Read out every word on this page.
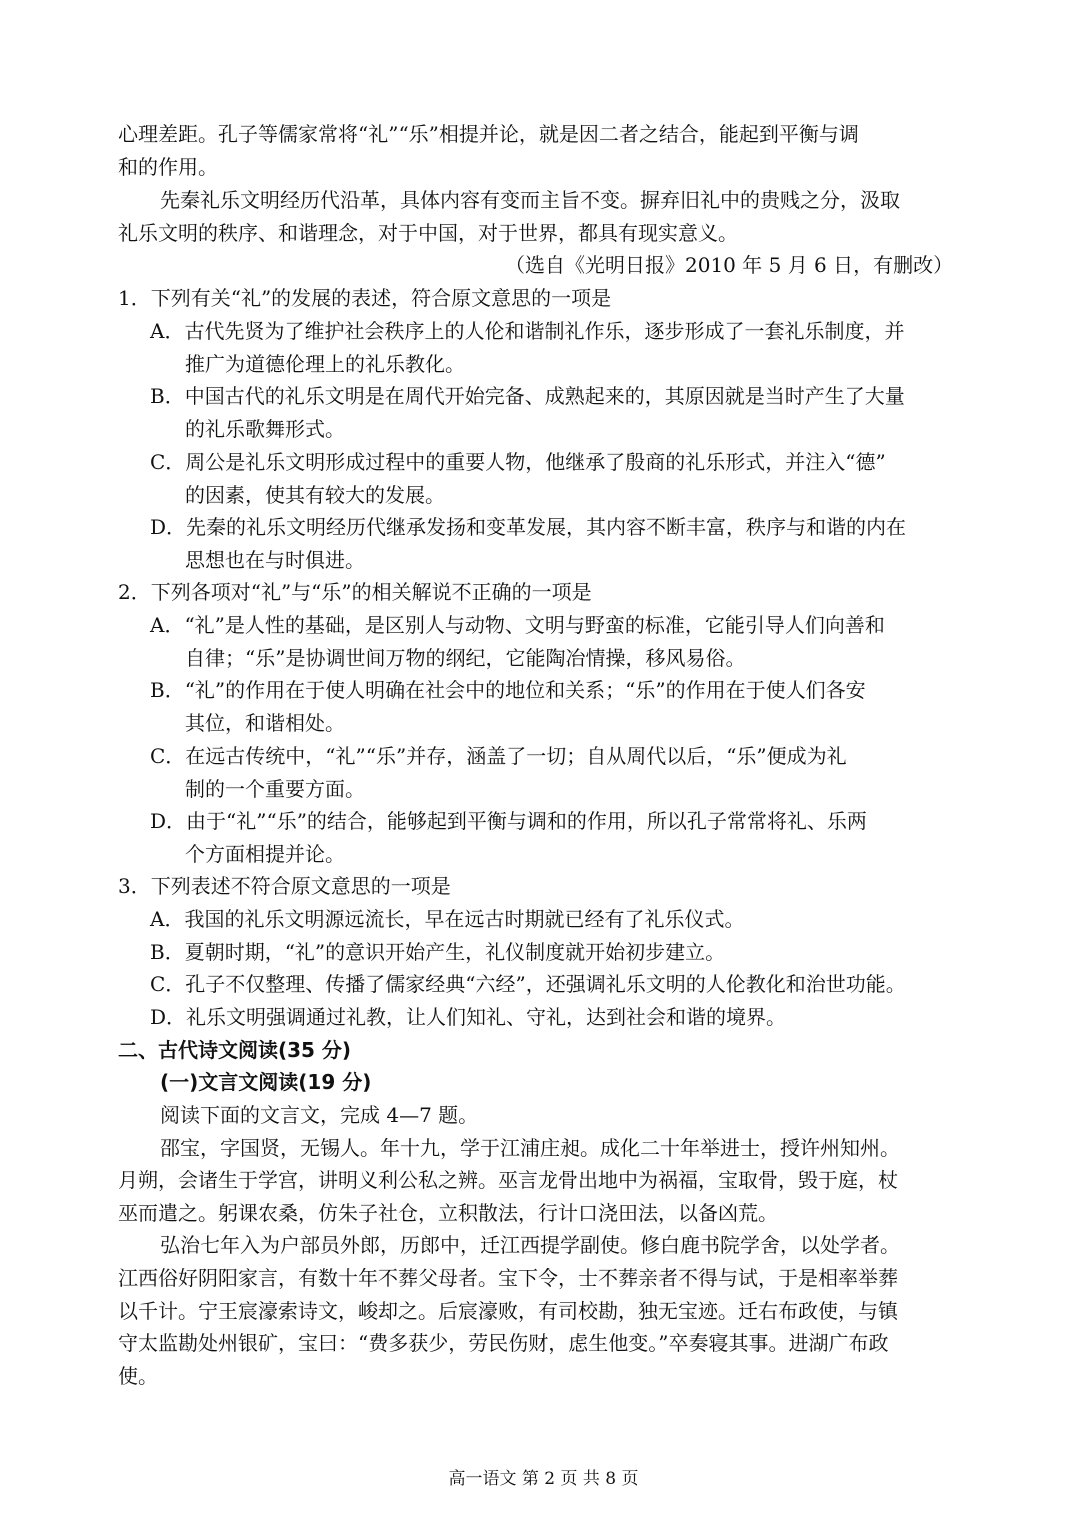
心理差距。孔子等儒家常将“礼”“乐”相提并论，就是因二者之结合，能起到平衡与调
和的作用。
先秦礼乐文明经历代沿革，具体内容有变而主旨不变。摒弃旧礼中的贵贱之分，汲取
礼乐文明的秩序、和谐理念，对于中国，对于世界，都具有现实意义。
（选自《光明日报》2010 年 5 月 6 日，有删改）
1．下列有关“礼”的发展的表述，符合原文意思的一项是
A．古代先贤为了维护社会秩序上的人伦和谐制礼作乐，逐步形成了一套礼乐制度，并
推广为道德伦理上的礼乐教化。
B．中国古代的礼乐文明是在周代开始完备、成熟起来的，其原因就是当时产生了大量
的礼乐歌舞形式。
C．周公是礼乐文明形成过程中的重要人物，他继承了殷商的礼乐形式，并注入“德”
的因素，使其有较大的发展。
D．先秦的礼乐文明经历代继承发扬和变革发展，其内容不断丰富，秩序与和谐的内在
思想也在与时俱进。
2．下列各项对“礼”与“乐”的相关解说不正确的一项是
A．“礼”是人性的基础，是区别人与动物、文明与野蛮的标准，它能引导人们向善和
自律；“乐”是协调世间万物的纲纪，它能陶冶情操，移风易俗。
B．“礼”的作用在于使人明确在社会中的地位和关系；“乐”的作用在于使人们各安
其位，和谐相处。
C．在远古传统中，“礼”“乐”并存，涵盖了一切；自从周代以后，“乐”便成为礼
制的一个重要方面。
D．由于“礼”“乐”的结合，能够起到平衡与调和的作用，所以孔子常常将礼、乐两
个方面相提并论。
3．下列表述不符合原文意思的一项是
A．我国的礼乐文明源远流长，早在远古时期就已经有了礼乐仪式。
B．夏朝时期，“礼”的意识开始产生，礼仪制度就开始初步建立。
C．孔子不仅整理、传播了儒家经典“六经”，还强调礼乐文明的人伦教化和治世功能。
D．礼乐文明强调通过礼教，让人们知礼、守礼，达到社会和谐的境界。
二、古代诗文阅读(35 分)
(一)文言文阅读(19 分)
阅读下面的文言文，完成 4—7 题。
邵宝，字国贤，无锡人。年十九，学于江浦庄昶。成化二十年举进士，授许州知州。
月朔，会诸生于学宫，讲明义利公私之辨。巫言龙骨出地中为祸福，宝取骨，毁于庭，杖
巫而遣之。躬课农桑，仿朱子社仓，立积散法，行计口浇田法，以备凶荒。
弘治七年入为户部员外郎，历郎中，迁江西提学副使。修白鹿书院学舍，以处学者。
江西俗好阴阳家言，有数十年不葬父母者。宝下令，士不葬亲者不得与试，于是相率举葬
以千计。宁王宸濠索诗文，峻却之。后宸濠败，有司校勘，独无宝迹。迁右布政使，与镇
守太监勘处州银矿，宝曰：“费多获少，劳民伤财，虑生他变。”卒奏寝其事。进湖广布政
使。
高一语文 第 2 页 共 8 页
